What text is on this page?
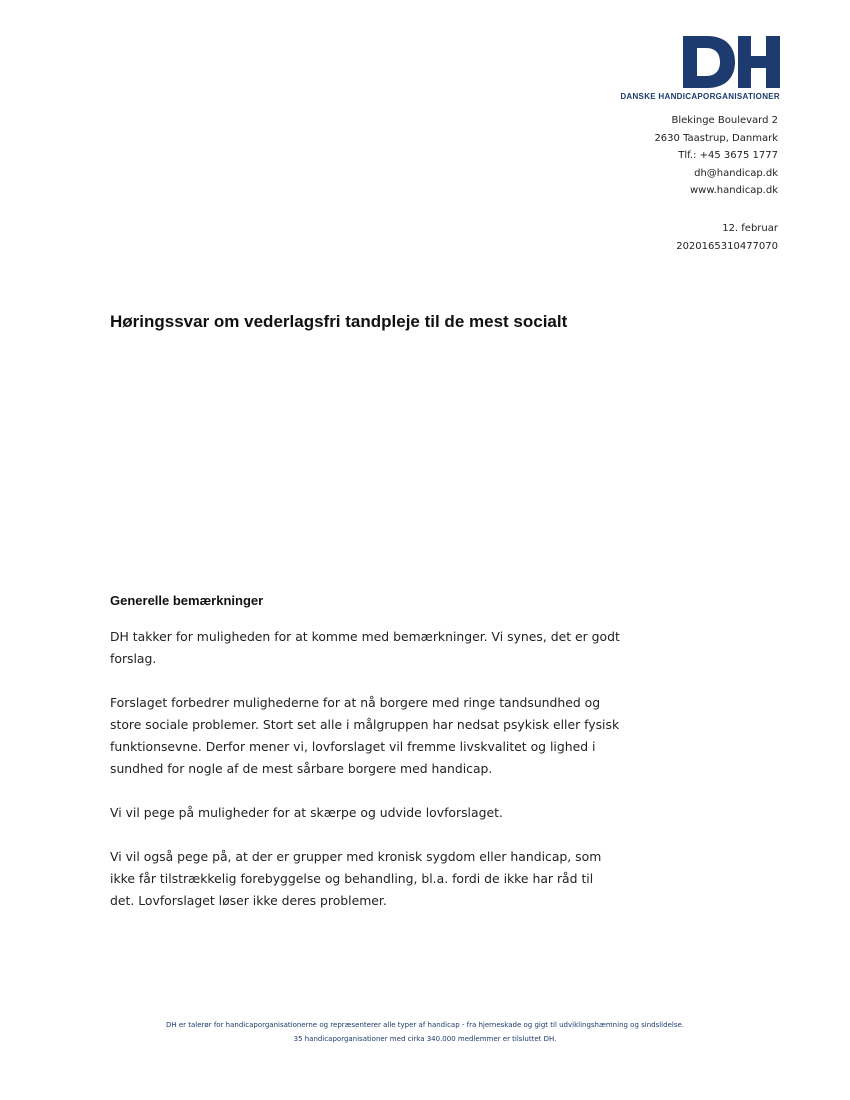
DANSKE HANDICAPORGANISATIONER
Blekinge Boulevard 2
2630 Taastrup, Danmark
Tlf.: +45 3675 1777
dh@handicap.dk
www.handicap.dk
12. februar
2020165310477070
Høringssvar om vederlagsfri tandpleje til de mest socialt
Generelle bemærkninger

DH takker for muligheden for at komme med bemærkninger. Vi synes, det er godt forslag.

Forslaget forbedrer mulighederne for at nå borgere med ringe tandsundhed og store sociale problemer. Stort set alle i målgruppen har nedsat psykisk eller fysisk funktionsevne. Derfor mener vi, lovforslaget vil fremme livskvalitet og lighed i sundhed for nogle af de mest sårbare borgere med handicap.

Vi vil pege på muligheder for at skærpe og udvide lovforslaget.

Vi vil også pege på, at der er grupper med kronisk sygdom eller handicap, som ikke får tilstrækkelig forebyggelse og behandling, bl.a. fordi de ikke har råd til det. Lovforslaget løser ikke deres problemer.

DH er talerør for handicaporganisationerne og repræsenterer alle typer af handicap - fra hjerneskade og gigt til udviklingshæmning og sindslidelse.
35 handicaporganisationer med cirka 340.000 medlemmer er tilsluttet DH.
